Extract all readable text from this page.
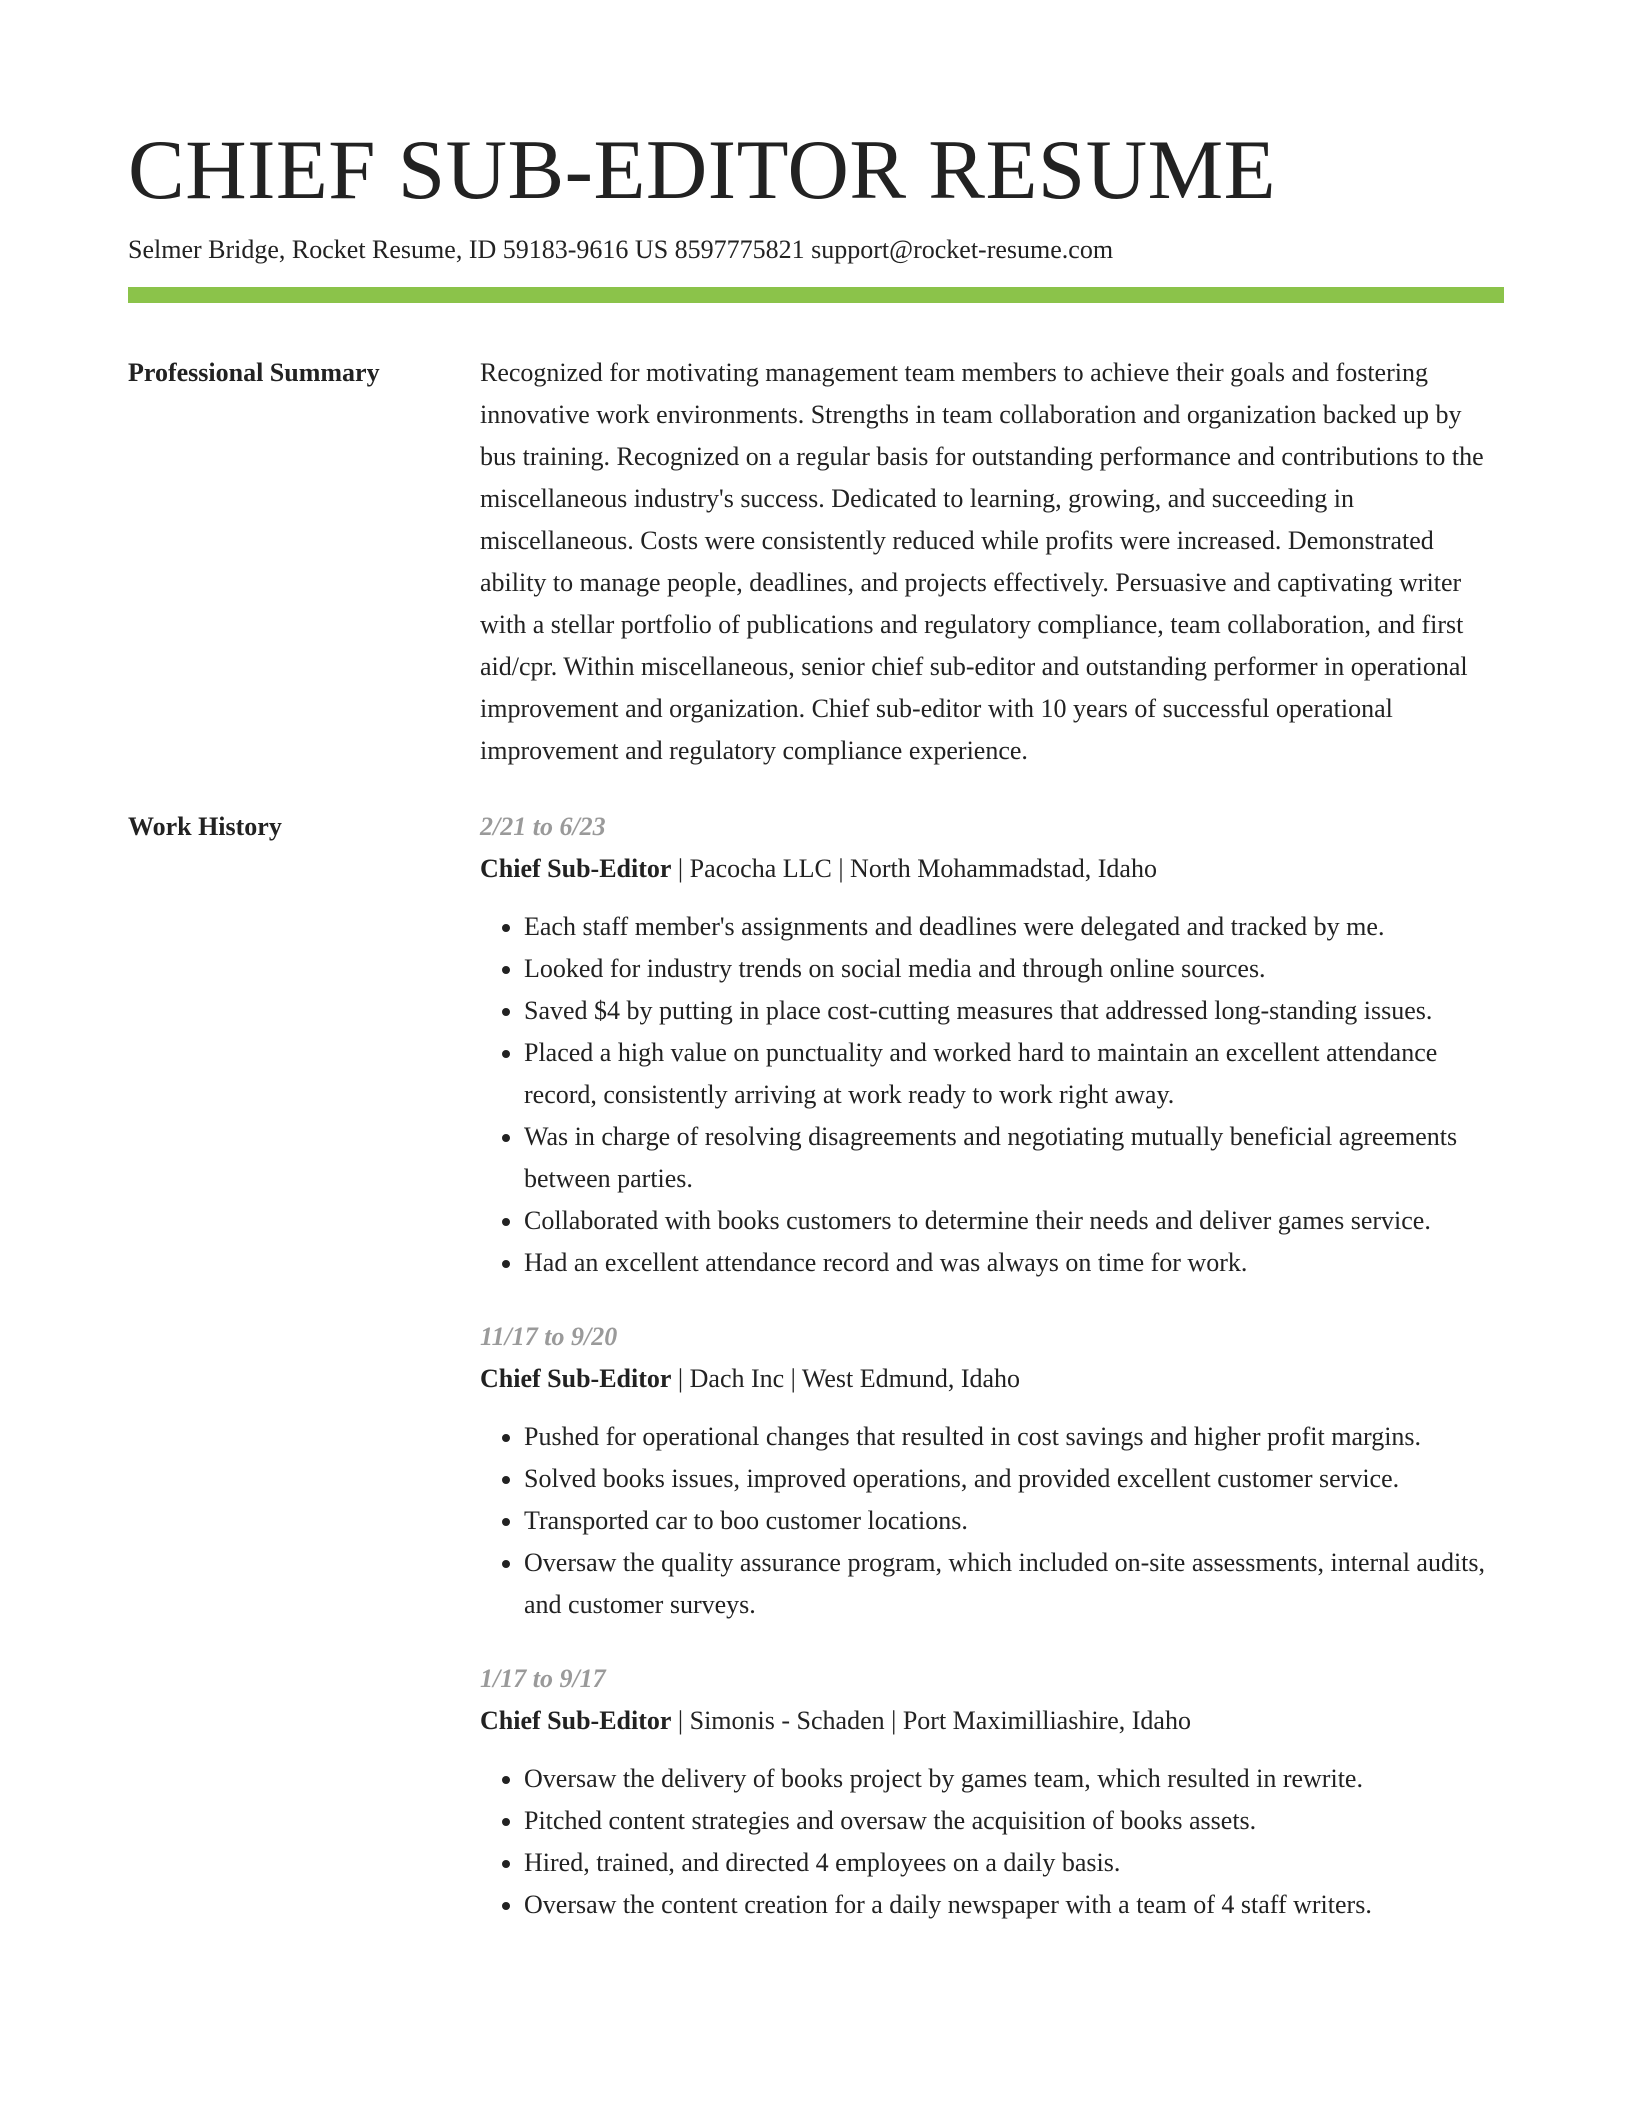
CHIEF SUB-EDITOR RESUME
Selmer Bridge, Rocket Resume, ID 59183-9616 US 8597775821 support@rocket-resume.com
Professional Summary	Recognized for motivating management team members to achieve their goals and fostering innovative work environments. Strengths in team collaboration and organization backed up by bus training. Recognized on a regular basis for outstanding performance and contributions to the miscellaneous industry's success. Dedicated to learning, growing, and succeeding in miscellaneous. Costs were consistently reduced while profits were increased. Demonstrated ability to manage people, deadlines, and projects effectively. Persuasive and captivating writer with a stellar portfolio of publications and regulatory compliance, team collaboration, and first aid/cpr. Within miscellaneous, senior chief sub-editor and outstanding performer in operational improvement and organization. Chief sub-editor with 10 years of successful operational improvement and regulatory compliance experience.

Work History	2/21 to 6/23
Chief Sub-Editor | Pacocha LLC | North Mohammadstad, Idaho
• Each staff member's assignments and deadlines were delegated and tracked by me.
• Looked for industry trends on social media and through online sources.
• Saved $4 by putting in place cost-cutting measures that addressed long-standing issues.
• Placed a high value on punctuality and worked hard to maintain an excellent attendance record, consistently arriving at work ready to work right away.
• Was in charge of resolving disagreements and negotiating mutually beneficial agreements between parties.
• Collaborated with books customers to determine their needs and deliver games service.
• Had an excellent attendance record and was always on time for work.
11/17 to 9/20
Chief Sub-Editor | Dach Inc | West Edmund, Idaho
• Pushed for operational changes that resulted in cost savings and higher profit margins.
• Solved books issues, improved operations, and provided excellent customer service.
• Transported car to boo customer locations.
• Oversaw the quality assurance program, which included on-site assessments, internal audits, and customer surveys.
1/17 to 9/17
Chief Sub-Editor | Simonis - Schaden | Port Maximilliashire, Idaho
• Oversaw the delivery of books project by games team, which resulted in rewrite.
• Pitched content strategies and oversaw the acquisition of books assets.
• Hired, trained, and directed 4 employees on a daily basis.
• Oversaw the content creation for a daily newspaper with a team of 4 staff writers.
